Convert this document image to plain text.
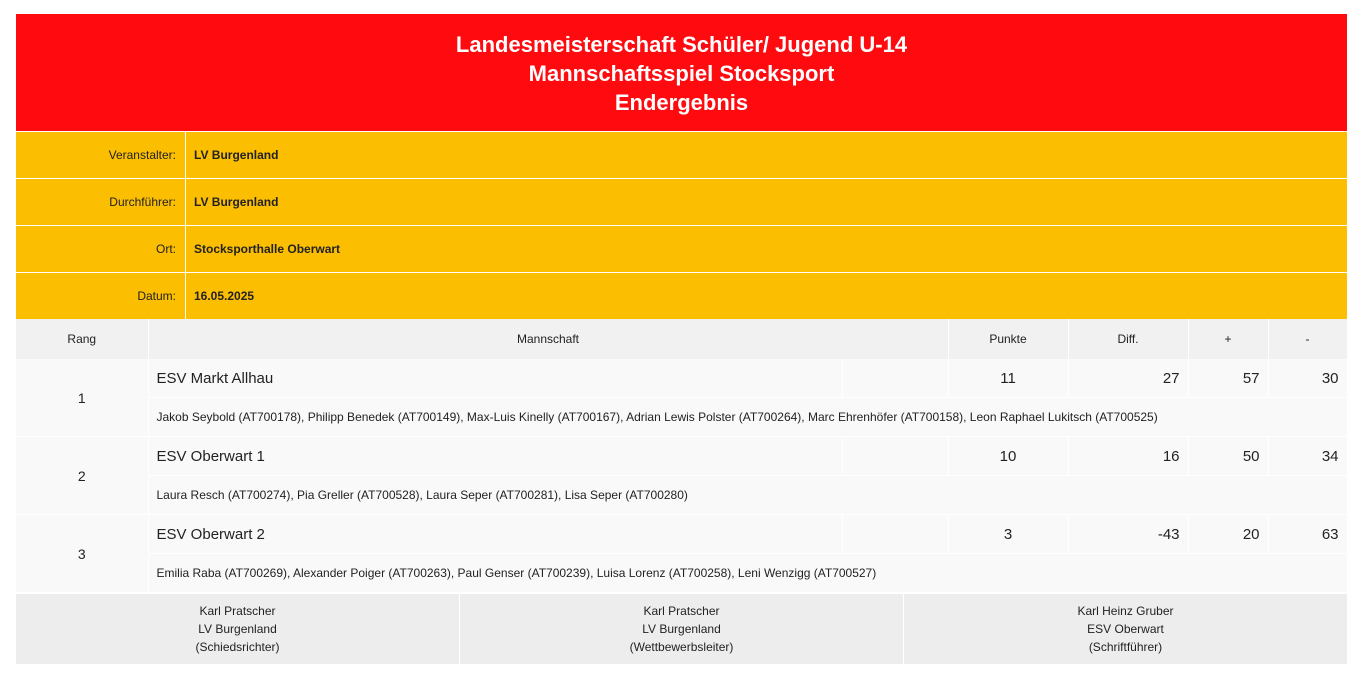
Landesmeisterschaft Schüler/ Jugend U-14
Mannschaftsspiel Stocksport
Endergebnis
Veranstalter:	LV Burgenland
Durchführer:	LV Burgenland
Ort:	Stocksporthalle Oberwart
Datum:	16.05.2025
Rang	Mannschaft		Punkte	Diff.	+	-
1	ESV Markt Allhau		11	27	57	30
	Jakob Seybold (AT700178), Philipp Benedek (AT700149), Max-Luis Kinelly (AT700167), Adrian Lewis Polster (AT700264), Marc Ehrenhöfer (AT700158), Leon Raphael Lukitsch (AT700525)					
2	ESV Oberwart 1		10	16	50	34
	Laura Resch (AT700274), Pia Greller (AT700528), Laura Seper (AT700281), Lisa Seper (AT700280)					
3	ESV Oberwart 2		3	-43	20	63
	Emilia Raba (AT700269), Alexander Poiger (AT700263), Paul Genser (AT700239), Luisa Lorenz (AT700258), Leni Wenzigg (AT700527)					
Karl Pratscher
LV Burgenland
(Schiedsrichter)
Karl Pratscher
LV Burgenland
(Wettbewerbsleiter)
Karl Heinz Gruber
ESV Oberwart
(Schriftführer)
